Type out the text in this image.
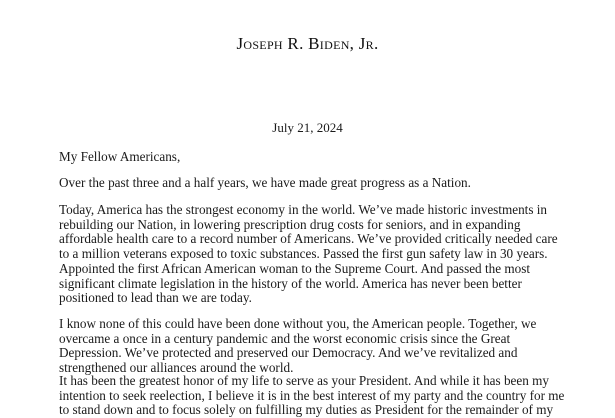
Joseph R. Biden, Jr.
July 21, 2024
My Fellow Americans,
Over the past three and a half years, we have made great progress as a Nation.
Today, America has the strongest economy in the world. We’ve made historic investments in
rebuilding our Nation, in lowering prescription drug costs for seniors, and in expanding
affordable health care to a record number of Americans. We’ve provided critically needed care
to a million veterans exposed to toxic substances. Passed the first gun safety law in 30 years.
Appointed the first African American woman to the Supreme Court. And passed the most
significant climate legislation in the history of the world. America has never been better
positioned to lead than we are today.
I know none of this could have been done without you, the American people. Together, we
overcame a once in a century pandemic and the worst economic crisis since the Great
Depression. We’ve protected and preserved our Democracy. And we’ve revitalized and
strengthened our alliances around the world.
It has been the greatest honor of my life to serve as your President. And while it has been my
intention to seek reelection, I believe it is in the best interest of my party and the country for me
to stand down and to focus solely on fulfilling my duties as President for the remainder of my
